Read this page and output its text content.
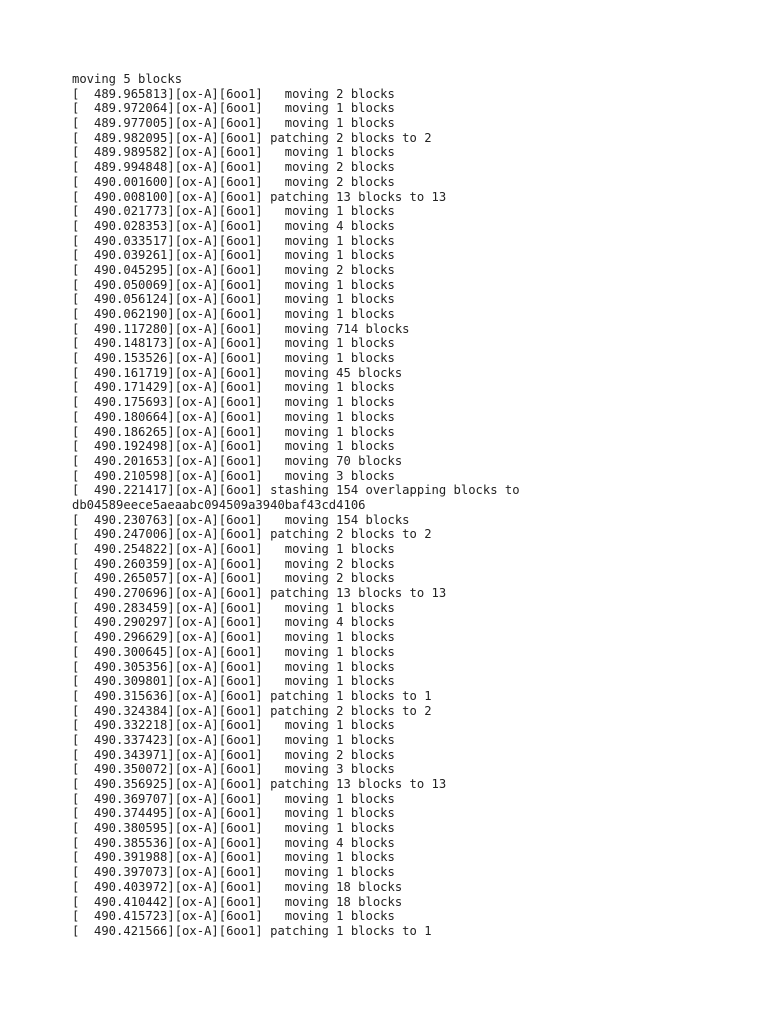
moving 5 blocks
[  489.965813][ox-A][6oo1]   moving 2 blocks
[  489.972064][ox-A][6oo1]   moving 1 blocks
[  489.977005][ox-A][6oo1]   moving 1 blocks
[  489.982095][ox-A][6oo1] patching 2 blocks to 2
[  489.989582][ox-A][6oo1]   moving 1 blocks
[  489.994848][ox-A][6oo1]   moving 2 blocks
[  490.001600][ox-A][6oo1]   moving 2 blocks
[  490.008100][ox-A][6oo1] patching 13 blocks to 13
[  490.021773][ox-A][6oo1]   moving 1 blocks
[  490.028353][ox-A][6oo1]   moving 4 blocks
[  490.033517][ox-A][6oo1]   moving 1 blocks
[  490.039261][ox-A][6oo1]   moving 1 blocks
[  490.045295][ox-A][6oo1]   moving 2 blocks
[  490.050069][ox-A][6oo1]   moving 1 blocks
[  490.056124][ox-A][6oo1]   moving 1 blocks
[  490.062190][ox-A][6oo1]   moving 1 blocks
[  490.117280][ox-A][6oo1]   moving 714 blocks
[  490.148173][ox-A][6oo1]   moving 1 blocks
[  490.153526][ox-A][6oo1]   moving 1 blocks
[  490.161719][ox-A][6oo1]   moving 45 blocks
[  490.171429][ox-A][6oo1]   moving 1 blocks
[  490.175693][ox-A][6oo1]   moving 1 blocks
[  490.180664][ox-A][6oo1]   moving 1 blocks
[  490.186265][ox-A][6oo1]   moving 1 blocks
[  490.192498][ox-A][6oo1]   moving 1 blocks
[  490.201653][ox-A][6oo1]   moving 70 blocks
[  490.210598][ox-A][6oo1]   moving 3 blocks
[  490.221417][ox-A][6oo1] stashing 154 overlapping blocks to
db04589eece5aeaabc094509a3940baf43cd4106
[  490.230763][ox-A][6oo1]   moving 154 blocks
[  490.247006][ox-A][6oo1] patching 2 blocks to 2
[  490.254822][ox-A][6oo1]   moving 1 blocks
[  490.260359][ox-A][6oo1]   moving 2 blocks
[  490.265057][ox-A][6oo1]   moving 2 blocks
[  490.270696][ox-A][6oo1] patching 13 blocks to 13
[  490.283459][ox-A][6oo1]   moving 1 blocks
[  490.290297][ox-A][6oo1]   moving 4 blocks
[  490.296629][ox-A][6oo1]   moving 1 blocks
[  490.300645][ox-A][6oo1]   moving 1 blocks
[  490.305356][ox-A][6oo1]   moving 1 blocks
[  490.309801][ox-A][6oo1]   moving 1 blocks
[  490.315636][ox-A][6oo1] patching 1 blocks to 1
[  490.324384][ox-A][6oo1] patching 2 blocks to 2
[  490.332218][ox-A][6oo1]   moving 1 blocks
[  490.337423][ox-A][6oo1]   moving 1 blocks
[  490.343971][ox-A][6oo1]   moving 2 blocks
[  490.350072][ox-A][6oo1]   moving 3 blocks
[  490.356925][ox-A][6oo1] patching 13 blocks to 13
[  490.369707][ox-A][6oo1]   moving 1 blocks
[  490.374495][ox-A][6oo1]   moving 1 blocks
[  490.380595][ox-A][6oo1]   moving 1 blocks
[  490.385536][ox-A][6oo1]   moving 4 blocks
[  490.391988][ox-A][6oo1]   moving 1 blocks
[  490.397073][ox-A][6oo1]   moving 1 blocks
[  490.403972][ox-A][6oo1]   moving 18 blocks
[  490.410442][ox-A][6oo1]   moving 18 blocks
[  490.415723][ox-A][6oo1]   moving 1 blocks
[  490.421566][ox-A][6oo1] patching 1 blocks to 1
